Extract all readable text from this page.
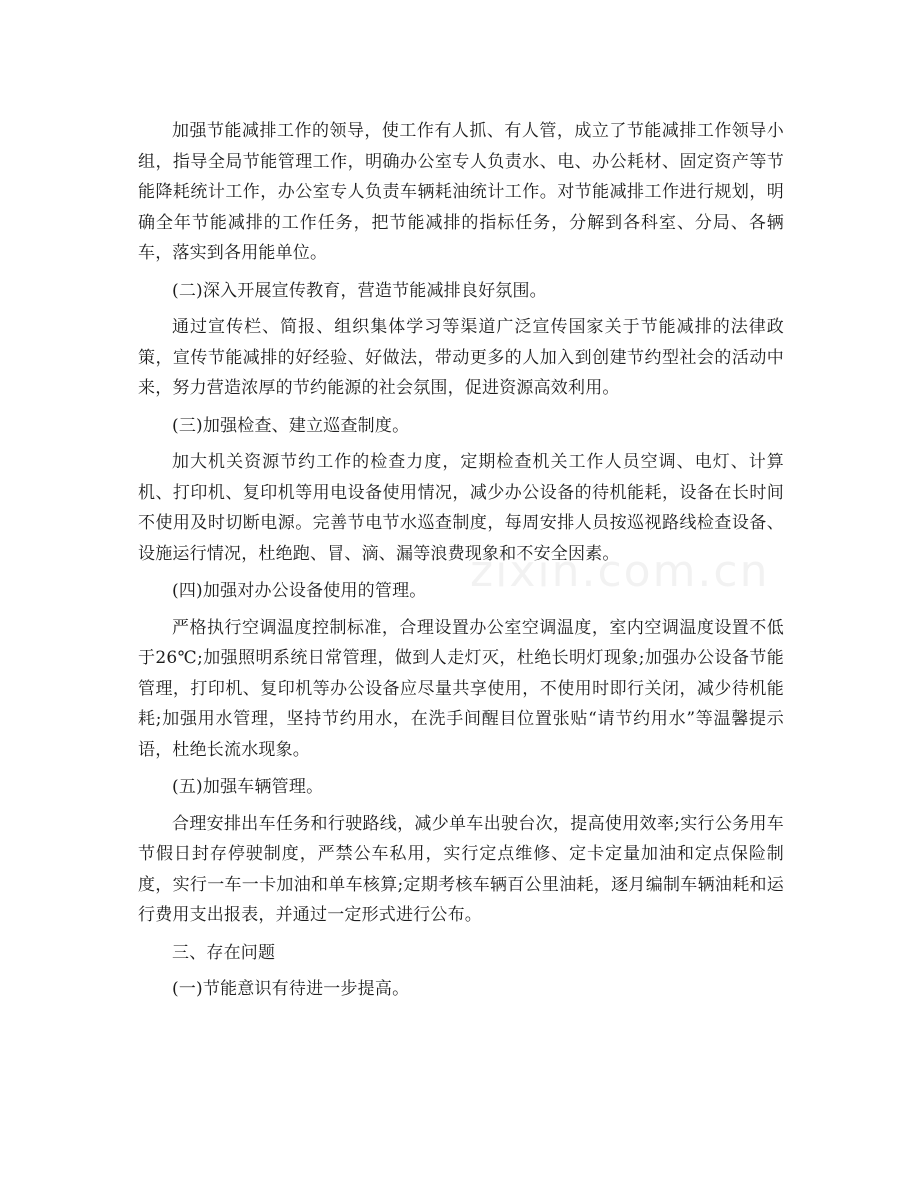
加强节能减排工作的领导，使工作有人抓、有人管，成立了节能减排工作领导小组，指导全局节能管理工作，明确办公室专人负责水、电、办公耗材、固定资产等节能降耗统计工作，办公室专人负责车辆耗油统计工作。对节能减排工作进行规划，明确全年节能减排的工作任务，把节能减排的指标任务，分解到各科室、分局、各辆车，落实到各用能单位。

(二)深入开展宣传教育，营造节能减排良好氛围。

通过宣传栏、简报、组织集体学习等渠道广泛宣传国家关于节能减排的法律政策，宣传节能减排的好经验、好做法，带动更多的人加入到创建节约型社会的活动中来，努力营造浓厚的节约能源的社会氛围，促进资源高效利用。

(三)加强检查、建立巡查制度。

加大机关资源节约工作的检查力度，定期检查机关工作人员空调、电灯、计算机、打印机、复印机等用电设备使用情况，减少办公设备的待机能耗，设备在长时间不使用及时切断电源。完善节电节水巡查制度，每周安排人员按巡视路线检查设备、设施运行情况，杜绝跑、冒、滴、漏等浪费现象和不安全因素。

(四)加强对办公设备使用的管理。

严格执行空调温度控制标准，合理设置办公室空调温度，室内空调温度设置不低于26℃;加强照明系统日常管理，做到人走灯灭，杜绝长明灯现象;加强办公设备节能管理，打印机、复印机等办公设备应尽量共享使用，不使用时即行关闭，减少待机能耗;加强用水管理，坚持节约用水，在洗手间醒目位置张贴“请节约用水”等温馨提示语，杜绝长流水现象。

(五)加强车辆管理。

合理安排出车任务和行驶路线，减少单车出驶台次，提高使用效率;实行公务用车节假日封存停驶制度，严禁公车私用，实行定点维修、定卡定量加油和定点保险制度，实行一车一卡加油和单车核算;定期考核车辆百公里油耗，逐月编制车辆油耗和运行费用支出报表，并通过一定形式进行公布。

三、存在问题

(一)节能意识有待进一步提高。

zixin.com.cn
